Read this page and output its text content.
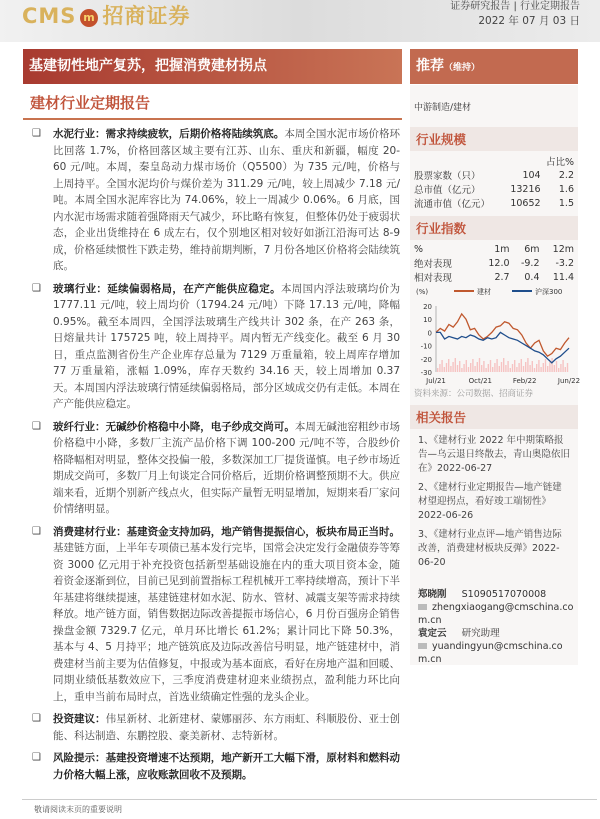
CMS m 招商证券	证券研究报告 | 行业定期报告
2022 年 07 月 03 日
基建韧性地产复苏，把握消费建材拐点	推荐（维持）
建材行业定期报告
❑ 水泥行业：需求持续疲软，后期价格将陆续筑底。本周全国水泥市场价格环比回落 1.7%，价格回落区域主要有江苏、山东、重庆和新疆，幅度 20-60 元/吨。本周，秦皇岛动力煤市场价（Q5500）为 735 元/吨，价格与上周持平。全国水泥均价与煤价差为 311.29 元/吨，较上周减少 7.18 元/吨。本周全国水泥库容比为 74.06%，较上一周减少 0.06%。6 月底，国内水泥市场需求随着强降雨天气减少，环比略有恢复，但整体仍处于疲弱状态，企业出货维持在 6 成左右，仅个别地区相对较好如浙江沿海可达 8-9 成，价格延续惯性下跌走势，维持前期判断，7 月份各地区价格将会陆续筑底。
❑ 玻璃行业：延续偏弱格局，在产产能供应稳定。本周国内浮法玻璃均价为 1777.11 元/吨，较上周均价（1794.24 元/吨）下降 17.13 元/吨，降幅 0.95%。截至本周四，全国浮法玻璃生产线共计 302 条，在产 263 条，日熔量共计 175725 吨，较上周持平。周内暂无产线变化。截至 6 月 30 日，重点监测省份生产企业库存总量为 7129 万重量箱，较上周库存增加 77 万重量箱，涨幅 1.09%，库存天数约 34.16 天，较上周增加 0.37 天。本周国内浮法玻璃行情延续偏弱格局，部分区域成交仍有走低。本周在产产能供应稳定。
❑ 玻纤行业：无碱纱价格稳中小降，电子纱成交尚可。本周无碱池窑粗纱市场价格稳中小降，多数厂主流产品价格下调 100-200 元/吨不等，合股纱价格降幅相对明显，整体交投偏一般，多数深加工厂提货谨慎。电子纱市场近期成交尚可，多数厂月上旬谈定合同价格后，近期价格调整预期不大。供应端来看，近期个别新产线点火，但实际产量暂无明显增加，短期来看厂家问价情绪明显。
❑ 消费建材行业：基建资金支持加码，地产销售提振信心，板块布局正当时。基建链方面，上半年专项债已基本发行完毕，国常会决定发行金融债券等筹资 3000 亿元用于补充投资包括新型基础设施在内的重大项目资本金，随着资金逐渐到位，目前已见到前置指标工程机械开工率持续增高，预计下半年基建将继续提速，基建链建材如水泥、防水、管材、减震支架等需求持续释放。地产链方面，销售数据边际改善提振市场信心，6 月份百强房企销售操盘金额 7329.7 亿元，单月环比增长 61.2%；累计同比下降 50.3%，基本与 4、5 月持平；地产链筑底及边际改善信号明显，地产链建材中，消费建材当前主要为估值修复，中报或为基本面底，看好在房地产温和回暖、同期业绩低基数效应下，三季度消费建材迎来业绩拐点，盈利能力环比向上，重申当前布局时点，首选业绩确定性强的龙头企业。
❑ 投资建议：伟星新材、北新建材、蒙娜丽莎、东方雨虹、科顺股份、亚士创能、科达制造、东鹏控股、豪美新材、志特新材。
❑ 风险提示：基建投资增速不达预期，地产新开工大幅下滑，原材料和燃料动力价格大幅上涨，应收账款回收不及预期。
敬请阅读末页的重要说明
中游制造/建材
行业规模
		占比%
股票家数（只）	104	2.2
总市值（亿元）	13216	1.6
流通市值（亿元）	10652	1.5
行业指数
%	1m	6m	12m
绝对表现	12.0	-9.2	-3.2
相对表现	2.7	0.4	11.4
(%)	建材	沪深300
20
10
0
-10
-20
-30
Jul/21	Oct/21	Feb/22	Jun/22
资料来源：公司数据、招商证券
相关报告
1、《建材行业 2022 年中期策略报告—乌云退日终散去，青山奥隐依旧在》2022-06-27
2、《建材行业定期报告—地产链建材望迎拐点，看好竣工端韧性》2022-06-26
3、《建材行业点评—地产销售边际改善，消费建材板块反弹》2022-06-20
郑晓刚 S1090517070008
zhengxiaogang@cmschina.com.cn
袁定云 研究助理
yuandingyun@cmschina.com.cn
